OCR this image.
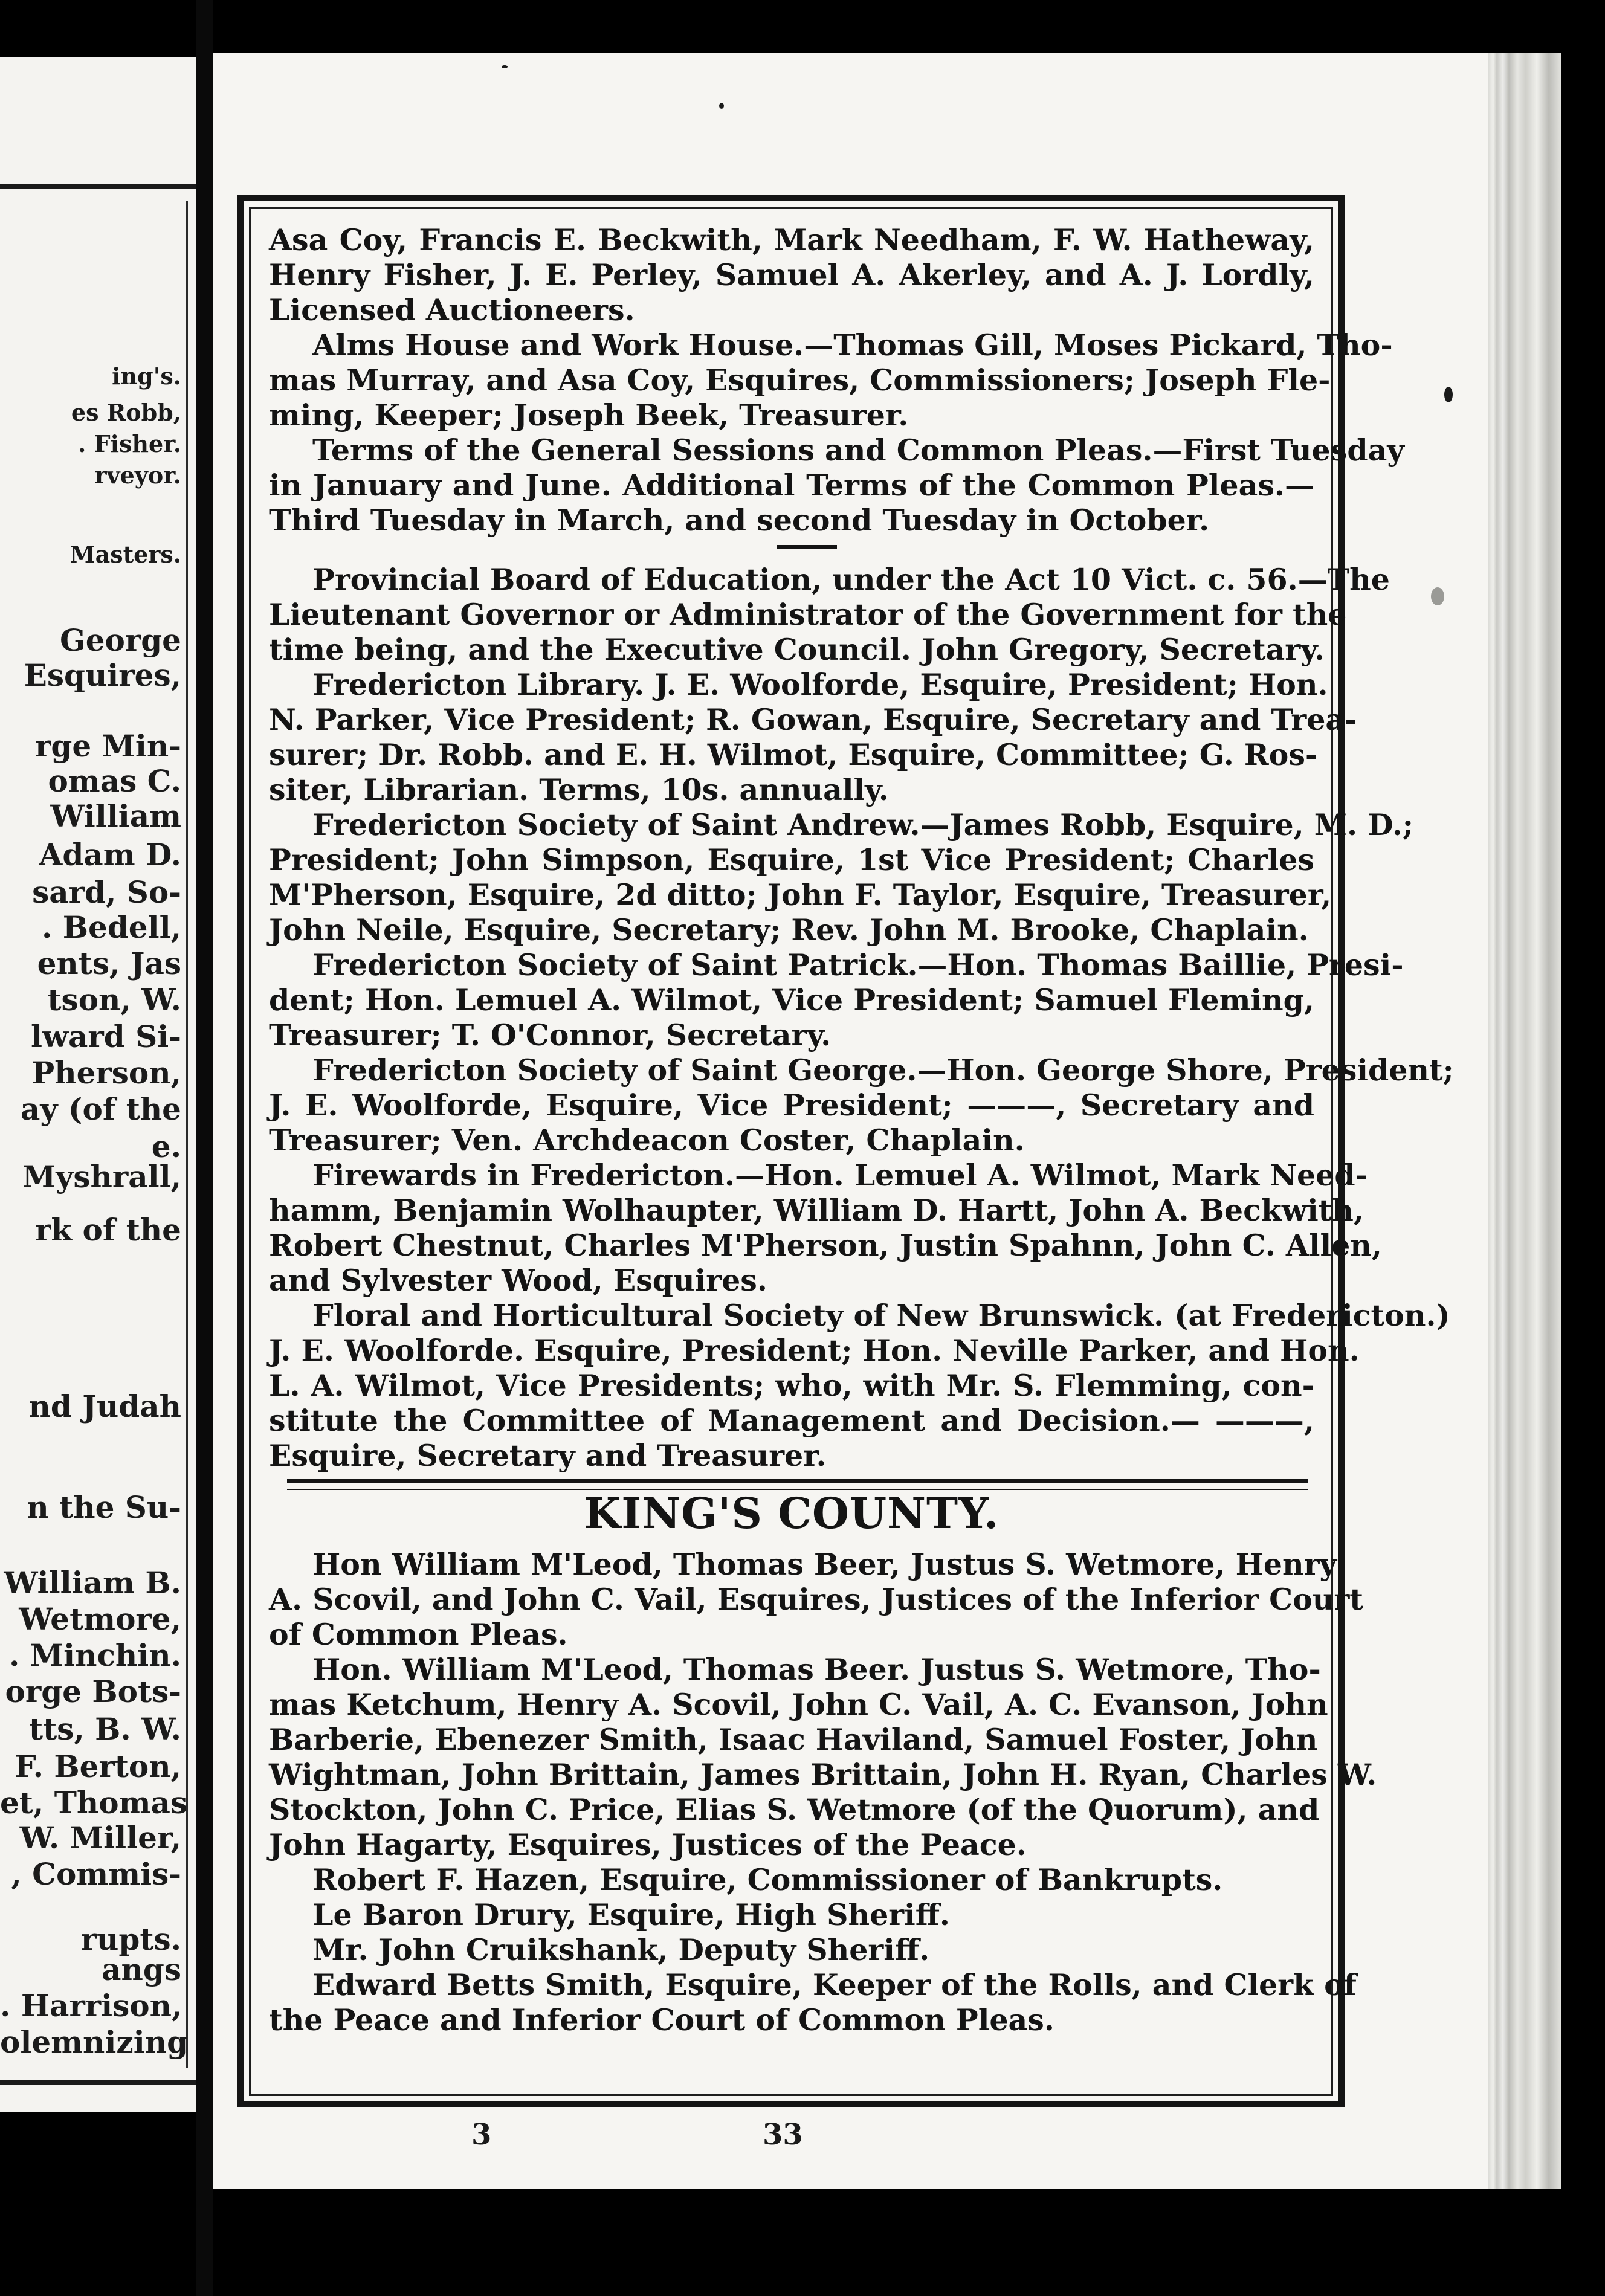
ing's.
es Robb,
. Fisher.
rveyor.
Masters.
George
Esquires,
rge Min-
omas C.
William
Adam D.
sard, So-
. Bedell,
ents, Jas
tson, W.
lward Si-
Pherson,
ay (of the
e.
Myshrall,
rk of the
nd Judah
n the Su-
William B.
Wetmore,
. Minchin.
orge Bots-
tts, B. W.
F. Berton,
et, Thomas
W. Miller,
, Commis-
rupts.
angs
. Harrison,
olemnizing
Asa Coy, Francis E. Beckwith, Mark Needham, F. W. Hatheway,
Henry Fisher, J. E. Perley, Samuel A. Akerley, and A. J. Lordly,
Licensed Auctioneers.
Alms House and Work House.—Thomas Gill, Moses Pickard, Tho-
mas Murray, and Asa Coy, Esquires, Commissioners; Joseph Fle-
ming, Keeper; Joseph Beek, Treasurer.
Terms of the General Sessions and Common Pleas.—First Tuesday
in January and June. Additional Terms of the Common Pleas.—
Third Tuesday in March, and second Tuesday in October.
Provincial Board of Education, under the Act 10 Vict. c. 56.—The
Lieutenant Governor or Administrator of the Government for the
time being, and the Executive Council. John Gregory, Secretary.
Fredericton Library. J. E. Woolforde, Esquire, President; Hon.
N. Parker, Vice President; R. Gowan, Esquire, Secretary and Trea-
surer; Dr. Robb. and E. H. Wilmot, Esquire, Committee; G. Ros-
siter, Librarian. Terms, 10s. annually.
Fredericton Society of Saint Andrew.—James Robb, Esquire, M. D.;
President; John Simpson, Esquire, 1st Vice President; Charles
M'Pherson, Esquire, 2d ditto; John F. Taylor, Esquire, Treasurer,
John Neile, Esquire, Secretary; Rev. John M. Brooke, Chaplain.
Fredericton Society of Saint Patrick.—Hon. Thomas Baillie, Presi-
dent; Hon. Lemuel A. Wilmot, Vice President; Samuel Fleming,
Treasurer; T. O'Connor, Secretary.
Fredericton Society of Saint George.—Hon. George Shore, President;
J. E. Woolforde, Esquire, Vice President; ———, Secretary and
Treasurer; Ven. Archdeacon Coster, Chaplain.
Firewards in Fredericton.—Hon. Lemuel A. Wilmot, Mark Need-
hamm, Benjamin Wolhaupter, William D. Hartt, John A. Beckwith,
Robert Chestnut, Charles M'Pherson, Justin Spahnn, John C. Allen,
and Sylvester Wood, Esquires.
Floral and Horticultural Society of New Brunswick. (at Fredericton.)
J. E. Woolforde. Esquire, President; Hon. Neville Parker, and Hon.
L. A. Wilmot, Vice Presidents; who, with Mr. S. Flemming, con-
stitute the Committee of Management and Decision.— ———,
Esquire, Secretary and Treasurer.
KING'S COUNTY.
Hon William M'Leod, Thomas Beer, Justus S. Wetmore, Henry
A. Scovil, and John C. Vail, Esquires, Justices of the Inferior Court
of Common Pleas.
Hon. William M'Leod, Thomas Beer. Justus S. Wetmore, Tho-
mas Ketchum, Henry A. Scovil, John C. Vail, A. C. Evanson, John
Barberie, Ebenezer Smith, Isaac Haviland, Samuel Foster, John
Wightman, John Brittain, James Brittain, John H. Ryan, Charles W.
Stockton, John C. Price, Elias S. Wetmore (of the Quorum), and
John Hagarty, Esquires, Justices of the Peace.
Robert F. Hazen, Esquire, Commissioner of Bankrupts.
Le Baron Drury, Esquire, High Sheriff.
Mr. John Cruikshank, Deputy Sheriff.
Edward Betts Smith, Esquire, Keeper of the Rolls, and Clerk of
the Peace and Inferior Court of Common Pleas.
3	33
